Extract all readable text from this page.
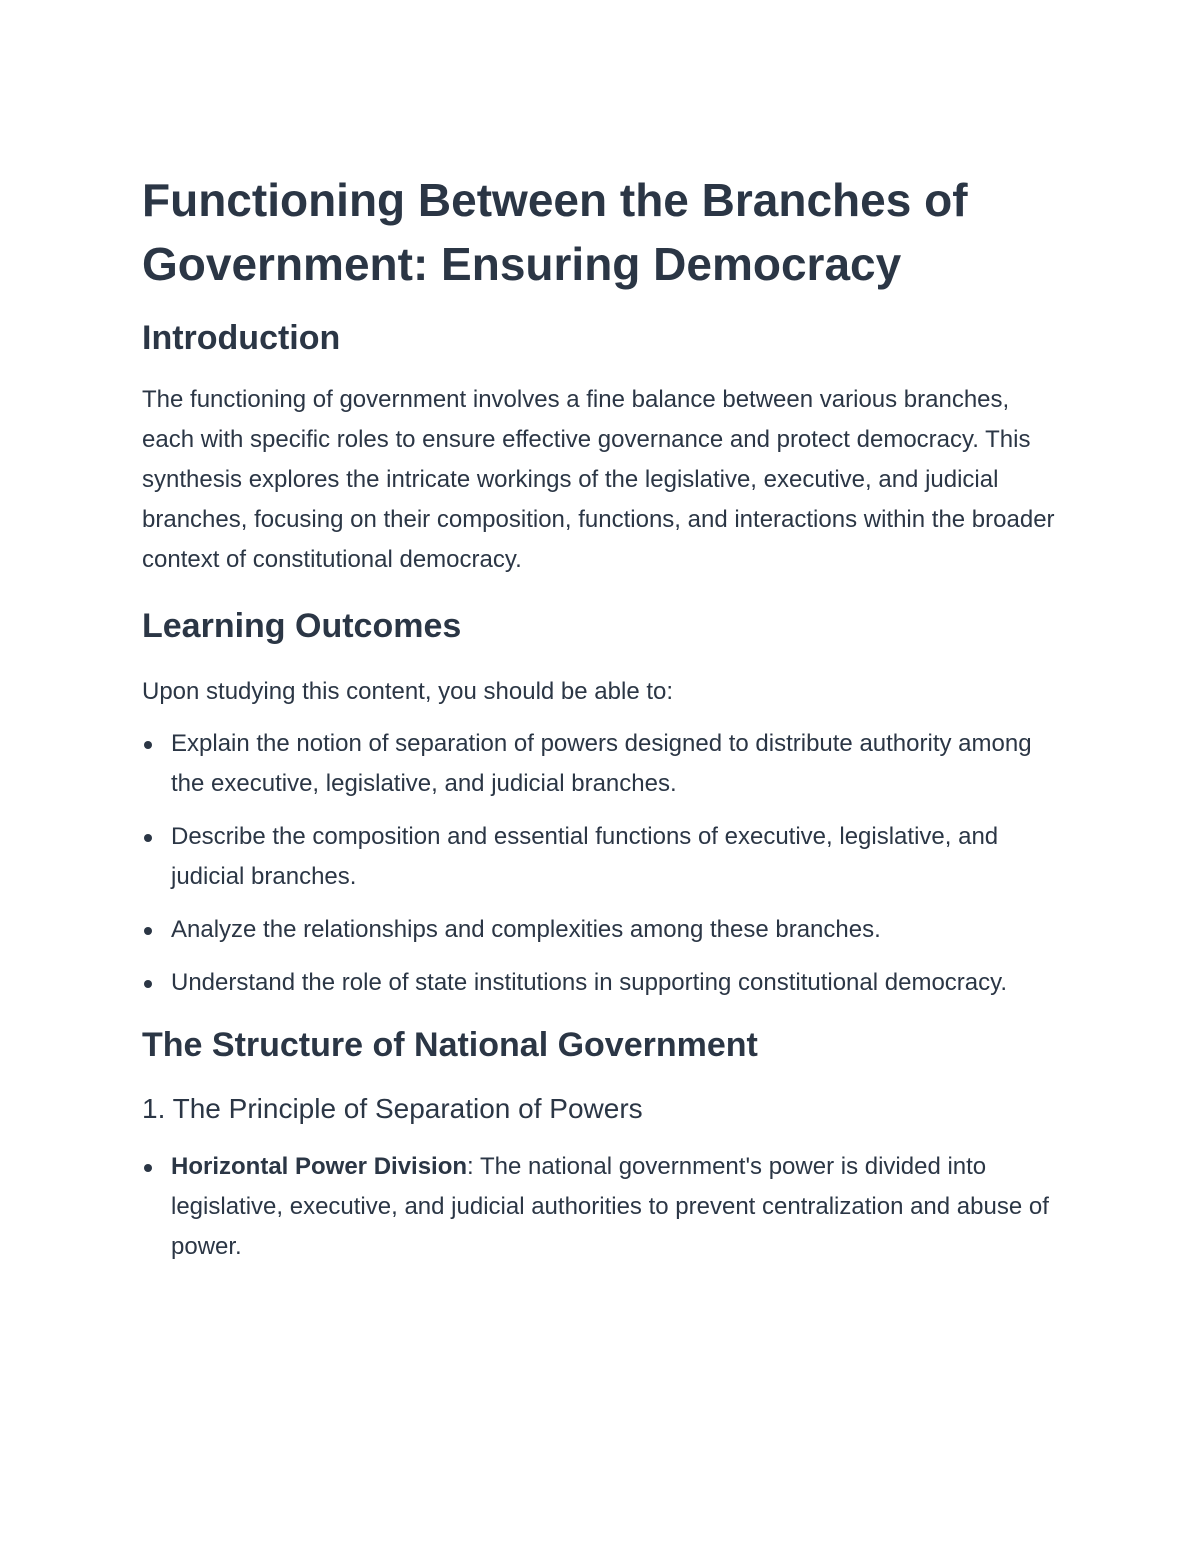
Functioning Between the Branches of Government: Ensuring Democracy
Introduction

The functioning of government involves a fine balance between various branches, each with specific roles to ensure effective governance and protect democracy. This synthesis explores the intricate workings of the legislative, executive, and judicial branches, focusing on their composition, functions, and interactions within the broader context of constitutional democracy.

Learning Outcomes

Upon studying this content, you should be able to:

Explain the notion of separation of powers designed to distribute authority among the executive, legislative, and judicial branches.
Describe the composition and essential functions of executive, legislative, and judicial branches.
Analyze the relationships and complexities among these branches.
Understand the role of state institutions in supporting constitutional democracy.
The Structure of National Government
1. The Principle of Separation of Powers
Horizontal Power Division: The national government's power is divided into legislative, executive, and judicial authorities to prevent centralization and abuse of power.
